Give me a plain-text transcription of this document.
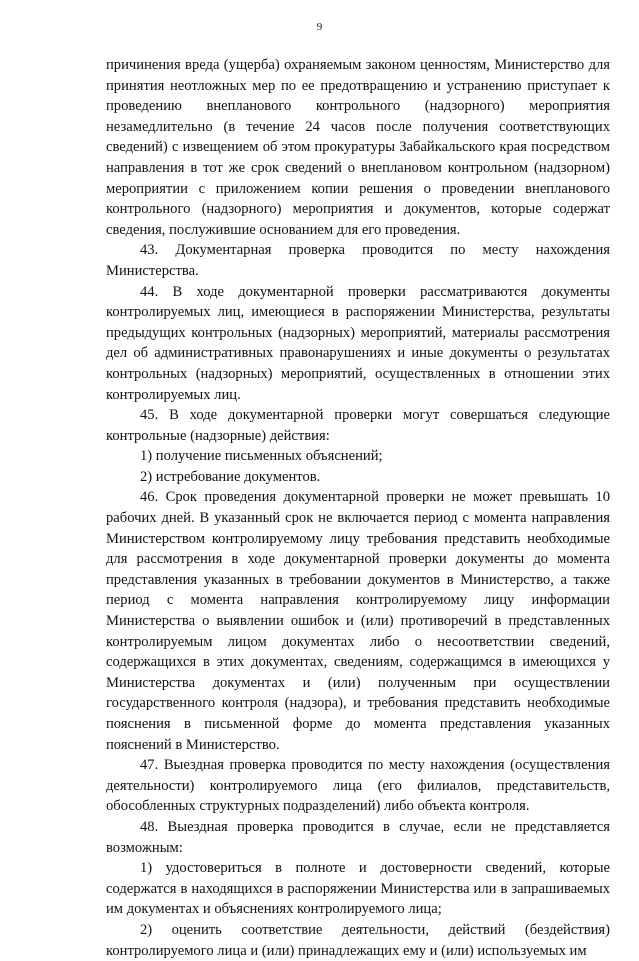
9

причинения вреда (ущерба) охраняемым законом ценностям, Министерство для принятия неотложных мер по ее предотвращению и устранению приступает к проведению внепланового контрольного (надзорного) мероприятия незамедлительно (в течение 24 часов после получения соответствующих сведений) с извещением об этом прокуратуры Забайкальского края посредством направления в тот же срок сведений о внеплановом контрольном (надзорном) мероприятии с приложением копии решения о проведении внепланового контрольного (надзорного) мероприятия и документов, которые содержат сведения, послужившие основанием для его проведения.

43. Документарная проверка проводится по месту нахождения Министерства.

44. В ходе документарной проверки рассматриваются документы контролируемых лиц, имеющиеся в распоряжении Министерства, результаты предыдущих контрольных (надзорных) мероприятий, материалы рассмотрения дел об административных правонарушениях и иные документы о результатах контрольных (надзорных) мероприятий, осуществленных в отношении этих контролируемых лиц.

45. В ходе документарной проверки могут совершаться следующие контрольные (надзорные) действия:

1) получение письменных объяснений;

2) истребование документов.

46. Срок проведения документарной проверки не может превышать 10 рабочих дней. В указанный срок не включается период с момента направления Министерством контролируемому лицу требования представить необходимые для рассмотрения в ходе документарной проверки документы до момента представления указанных в требовании документов в Министерство, а также период с момента направления контролируемому лицу информации Министерства о выявлении ошибок и (или) противоречий в представленных контролируемым лицом документах либо о несоответствии сведений, содержащихся в этих документах, сведениям, содержащимся в имеющихся у Министерства документах и (или) полученным при осуществлении государственного контроля (надзора), и требования представить необходимые пояснения в письменной форме до момента представления указанных пояснений в Министерство.

47. Выездная проверка проводится по месту нахождения (осуществления деятельности) контролируемого лица (его филиалов, представительств, обособленных структурных подразделений) либо объекта контроля.

48. Выездная проверка проводится в случае, если не представляется возможным:

1) удостовериться в полноте и достоверности сведений, которые содержатся в находящихся в распоряжении Министерства или в запрашиваемых им документах и объяснениях контролируемого лица;

2) оценить соответствие деятельности, действий (бездействия) контролируемого лица и (или) принадлежащих ему и (или) используемых им
